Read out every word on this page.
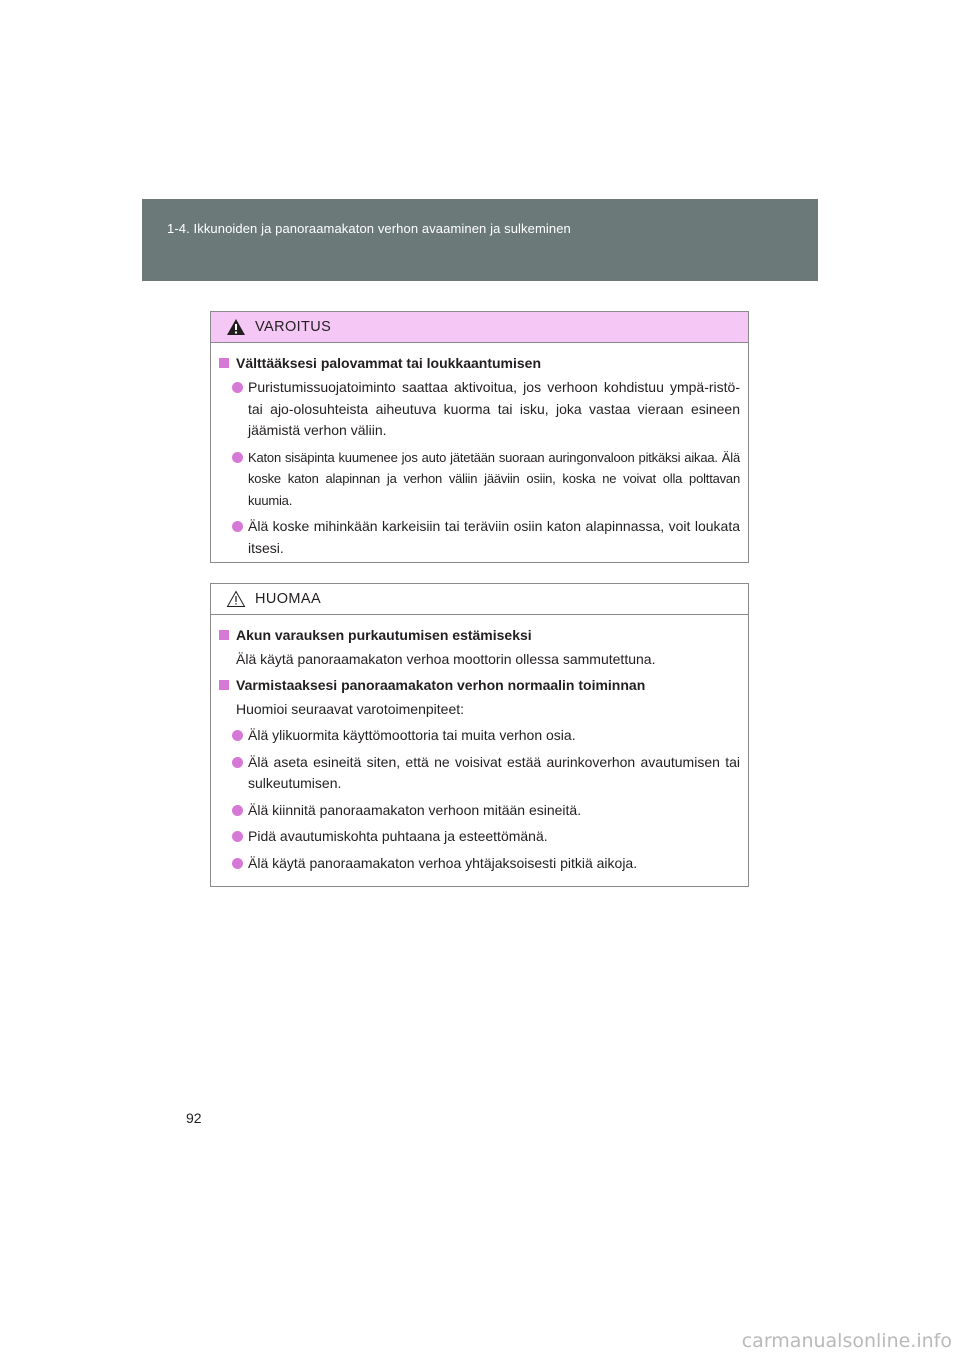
1-4. Ikkunoiden ja panoraamakaton verhon avaaminen ja sulkeminen
VAROITUS
Välttääksesi palovammat tai loukkaantumisen
Puristumissuojatoiminto saattaa aktivoitua, jos verhoon kohdistuu ympä-ristö- tai ajo-olosuhteista aiheutuva kuorma tai isku, joka vastaa vieraan esineen jäämistä verhon väliin.
Katon sisäpinta kuumenee jos auto jätetään suoraan auringonvaloon pitkäksi aikaa. Älä koske katon alapinnan ja verhon väliin jääviin osiin, koska ne voivat olla polttavan kuumia.
Älä koske mihinkään karkeisiin tai teräviin osiin katon alapinnassa, voit loukata itsesi.
HUOMAA
Akun varauksen purkautumisen estämiseksi
Älä käytä panoraamakaton verhoa moottorin ollessa sammutettuna.
Varmistaaksesi panoraamakaton verhon normaalin toiminnan
Huomioi seuraavat varotoimenpiteet:
Älä ylikuormita käyttömoottoria tai muita verhon osia.
Älä aseta esineitä siten, että ne voisivat estää aurinkoverhon avautumisen tai sulkeutumisen.
Älä kiinnitä panoraamakaton verhoon mitään esineitä.
Pidä avautumiskohta puhtaana ja esteettömänä.
Älä käytä panoraamakaton verhoa yhtäjaksoisesti pitkiä aikoja.
92
carmanualsonline.info
